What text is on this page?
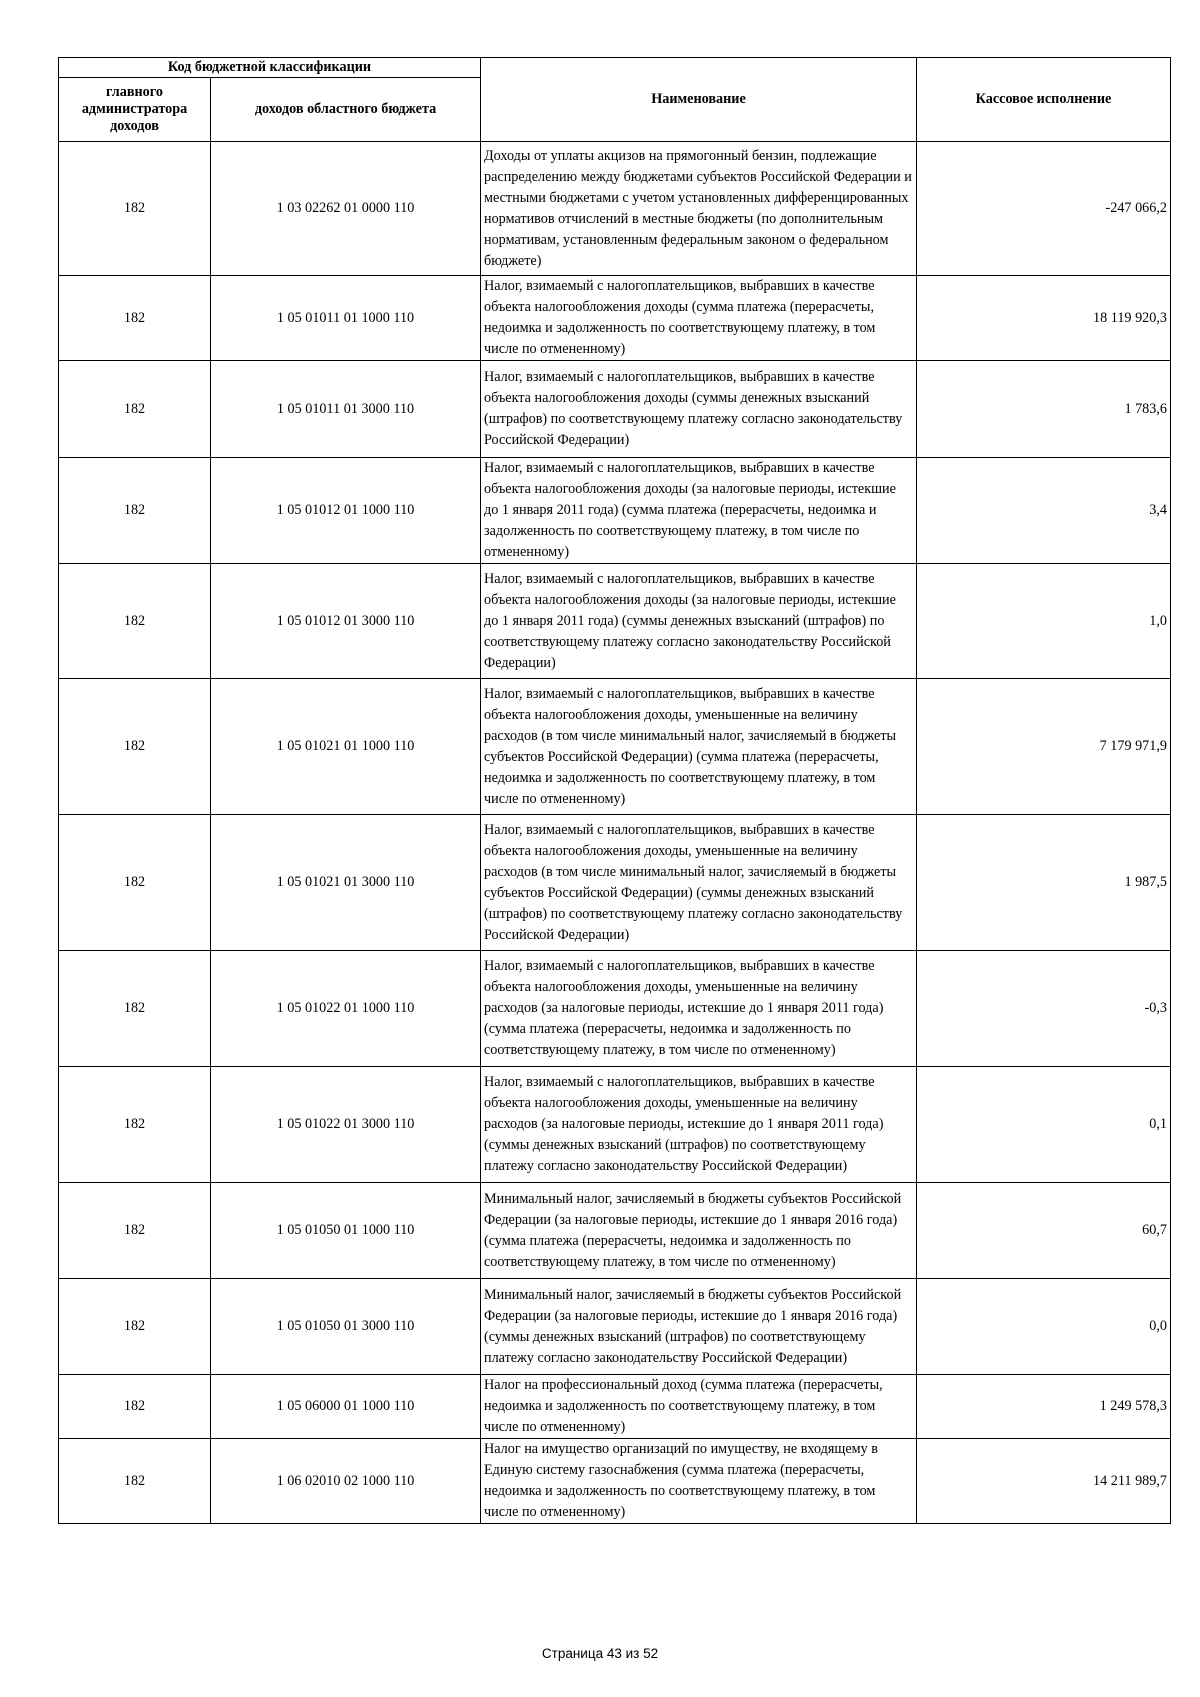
Код бюджетной классификации		Наименование	Кассовое исполнение
главного администратора доходов	доходов областного бюджета		
182	1 03 02262 01 0000 110	Доходы от уплаты акцизов на прямогонный бензин, подлежащие распределению между бюджетами субъектов Российской Федерации и местными бюджетами с учетом установленных дифференцированных нормативов отчислений в местные бюджеты (по дополнительным нормативам, установленным федеральным законом о федеральном бюджете)	-247 066,2
182	1 05 01011 01 1000 110	Налог, взимаемый с налогоплательщиков, выбравших в качестве объекта налогообложения доходы (сумма платежа (перерасчеты, недоимка и задолженность по соответствующему платежу, в том числе по отмененному)	18 119 920,3
182	1 05 01011 01 3000 110	Налог, взимаемый с налогоплательщиков, выбравших в качестве объекта налогообложения доходы (суммы денежных взысканий (штрафов) по соответствующему платежу согласно законодательству Российской Федерации)	1 783,6
182	1 05 01012 01 1000 110	Налог, взимаемый с налогоплательщиков, выбравших в качестве объекта налогообложения доходы (за налоговые периоды, истекшие до 1 января 2011 года) (сумма платежа (перерасчеты, недоимка и задолженность по соответствующему платежу, в том числе по отмененному)	3,4
182	1 05 01012 01 3000 110	Налог, взимаемый с налогоплательщиков, выбравших в качестве объекта налогообложения доходы (за налоговые периоды, истекшие до 1 января 2011 года) (суммы денежных взысканий (штрафов) по соответствующему платежу согласно законодательству Российской Федерации)	1,0
182	1 05 01021 01 1000 110	Налог, взимаемый с налогоплательщиков, выбравших в качестве объекта налогообложения доходы, уменьшенные на величину расходов (в том числе минимальный налог, зачисляемый в бюджеты субъектов Российской Федерации) (сумма платежа (перерасчеты, недоимка и задолженность по соответствующему платежу, в том числе по отмененному)	7 179 971,9
182	1 05 01021 01 3000 110	Налог, взимаемый с налогоплательщиков, выбравших в качестве объекта налогообложения доходы, уменьшенные на величину расходов (в том числе минимальный налог, зачисляемый в бюджеты субъектов Российской Федерации) (суммы денежных взысканий (штрафов) по соответствующему платежу согласно законодательству Российской Федерации)	1 987,5
182	1 05 01022 01 1000 110	Налог, взимаемый с налогоплательщиков, выбравших в качестве объекта налогообложения доходы, уменьшенные на величину расходов (за налоговые периоды, истекшие до 1 января 2011 года) (сумма платежа (перерасчеты, недоимка и задолженность по соответствующему платежу, в том числе по отмененному)	-0,3
182	1 05 01022 01 3000 110	Налог, взимаемый с налогоплательщиков, выбравших в качестве объекта налогообложения доходы, уменьшенные на величину расходов (за налоговые периоды, истекшие до 1 января 2011 года) (суммы денежных взысканий (штрафов) по соответствующему платежу согласно законодательству Российской Федерации)	0,1
182	1 05 01050 01 1000 110	Минимальный налог, зачисляемый в бюджеты субъектов Российской Федерации (за налоговые периоды, истекшие до 1 января 2016 года) (сумма платежа (перерасчеты, недоимка и задолженность по соответствующему платежу, в том числе по отмененному)	60,7
182	1 05 01050 01 3000 110	Минимальный налог, зачисляемый в бюджеты субъектов Российской Федерации (за налоговые периоды, истекшие до 1 января 2016 года) (суммы денежных взысканий (штрафов) по соответствующему платежу согласно законодательству Российской Федерации)	0,0
182	1 05 06000 01 1000 110	Налог на профессиональный доход (сумма платежа (перерасчеты, недоимка и задолженность по соответствующему платежу, в том числе по отмененному)	1 249 578,3
182	1 06 02010 02 1000 110	Налог на имущество организаций по имуществу, не входящему в Единую систему газоснабжения (сумма платежа (перерасчеты, недоимка и задолженность по соответствующему платежу, в том числе по отмененному)	14 211 989,7
Страница 43 из 52
